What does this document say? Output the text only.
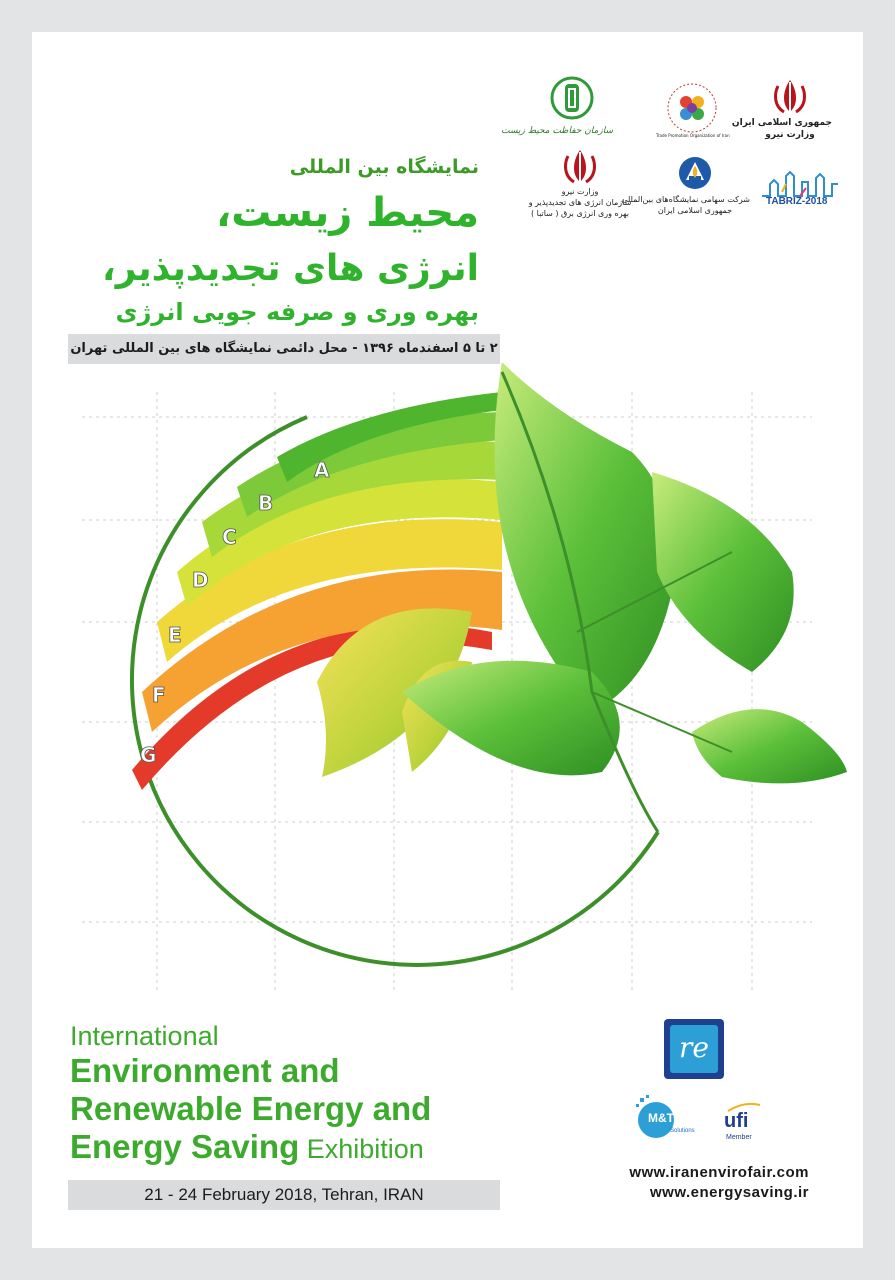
سازمان حفاظت محیط زیست	Trade Promotion Organization of Iran
جمهوری اسلامی ایران
وزارت نیرو
وزارت نیرو
سازمان انرژی های تجدیدپذیر و
بهره وری انرژی برق ( ساتبا )
شرکت سهامی نمایشگاه‌های بین‌المللی
جمهوری اسلامی ایران
TABRIZ-2018
نمایشگاه بین المللی
محیط زیست،
انرژی های تجدیدپذیر،
بهره وری و صرفه جویی انرژی
۲ تا ۵ اسفندماه ۱۳۹۶ - محل دائمی نمایشگاه های بین المللی تهران
A
B
C
D
E
F
G
International
Environment and
Renewable Energy and
Energy Saving Exhibition
21 - 24 February 2018, Tehran, IRAN
re
M&T
Solutions ufi
Member
www.iranenvirofair.com
www.energysaving.ir
